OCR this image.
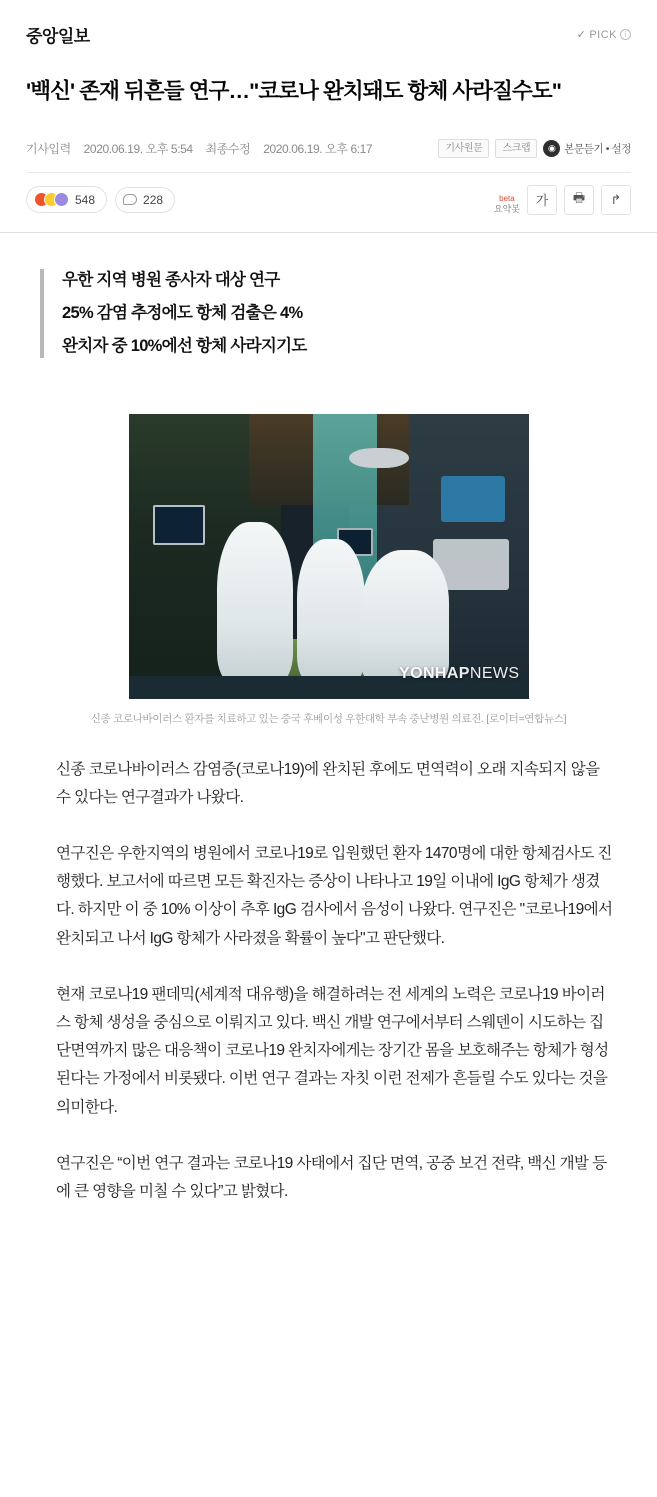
중앙일보	✓ PICK i
'백신' 존재 뒤흔들 연구…"코로나 완치돼도 항체 사라질수도"
기사입력 2020.06.19. 오후 5:54 최종수정 2020.06.19. 오후 6:17	기사원문	스크랩	◉ 본문듣기 • 설정
548	228	beta
요약봇
가	🖶	↱

우한 지역 병원 종사자 대상 연구

25% 감염 추정에도 항체 검출은 4%

완치자 중 10%에선 항체 사라지기도

YONHAPNEWS
신종 코로나바이러스 환자를 치료하고 있는 중국 후베이성 우한대학 부속 중난병원 의료진. [로이터=연합뉴스]

신종 코로나바이러스 감염증(코로나19)에 완치된 후에도 면역력이 오래 지속되지 않을 수 있다는 연구결과가 나왔다.

연구진은 우한지역의 병원에서 코로나19로 입원했던 환자 1470명에 대한 항체검사도 진행했다. 보고서에 따르면 모든 확진자는 증상이 나타나고 19일 이내에 IgG 항체가 생겼다. 하지만 이 중 10% 이상이 추후 IgG 검사에서 음성이 나왔다. 연구진은 "코로나19에서 완치되고 나서 IgG 항체가 사라졌을 확률이 높다"고 판단했다.

현재 코로나19 팬데믹(세계적 대유행)을 해결하려는 전 세계의 노력은 코로나19 바이러스 항체 생성을 중심으로 이뤄지고 있다. 백신 개발 연구에서부터 스웨덴이 시도하는 집단면역까지 많은 대응책이 코로나19 완치자에게는 장기간 몸을 보호해주는 항체가 형성된다는 가정에서 비롯됐다. 이번 연구 결과는 자칫 이런 전제가 흔들릴 수도 있다는 것을 의미한다.

연구진은 “이번 연구 결과는 코로나19 사태에서 집단 면역, 공중 보건 전략, 백신 개발 등에 큰 영향을 미칠 수 있다”고 밝혔다.
